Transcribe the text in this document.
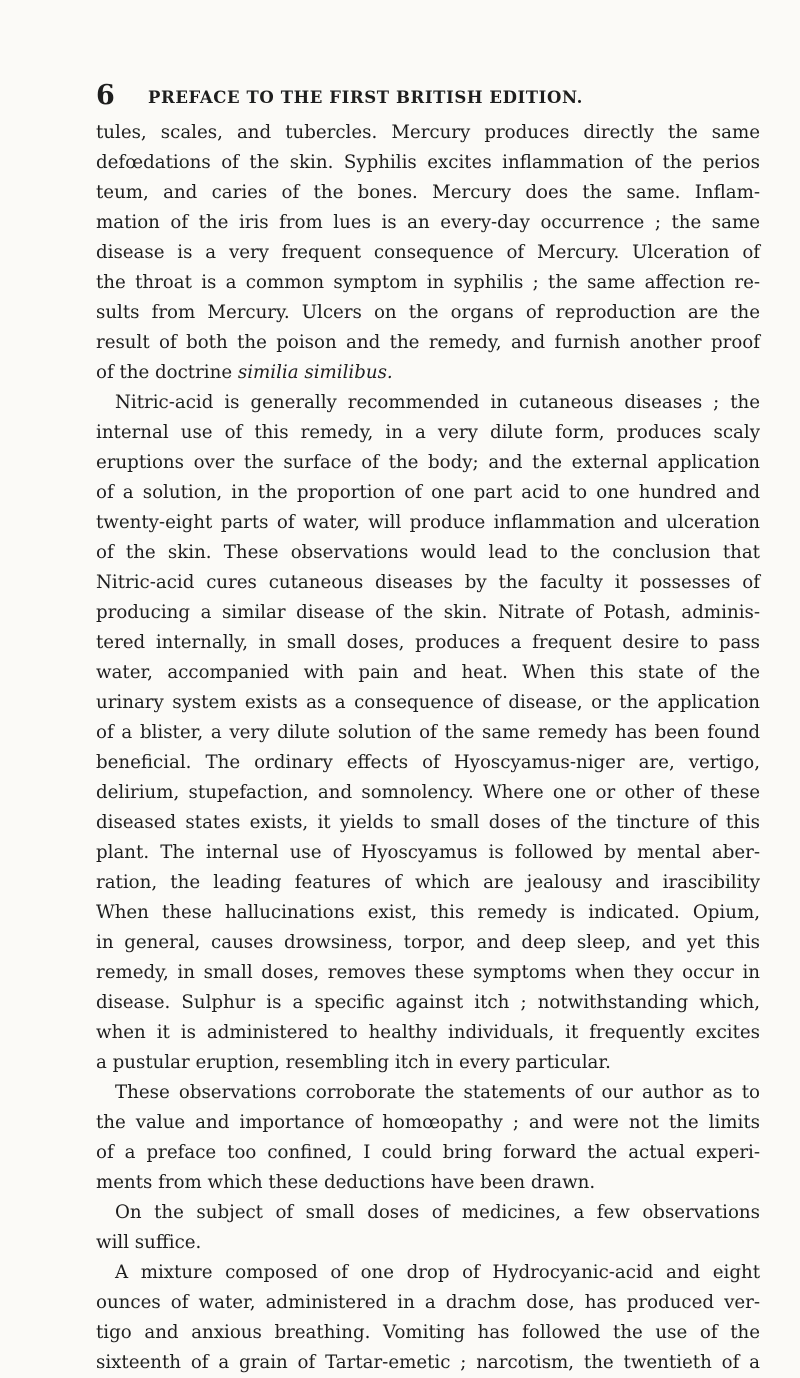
6 PREFACE TO THE FIRST BRITISH EDITION.
tules, scales, and tubercles. Mercury produces directly the same
defœdations of the skin. Syphilis excites inflammation of the perios
teum, and caries of the bones. Mercury does the same. Inflam-
mation of the iris from lues is an every-day occurrence ; the same
disease is a very frequent consequence of Mercury. Ulceration of
the throat is a common symptom in syphilis ; the same affection re-
sults from Mercury. Ulcers on the organs of reproduction are the
result of both the poison and the remedy, and furnish another proof
of the doctrine similia similibus.
Nitric-acid is generally recommended in cutaneous diseases ; the
internal use of this remedy, in a very dilute form, produces scaly
eruptions over the surface of the body; and the external application
of a solution, in the proportion of one part acid to one hundred and
twenty-eight parts of water, will produce inflammation and ulceration
of the skin. These observations would lead to the conclusion that
Nitric-acid cures cutaneous diseases by the faculty it possesses of
producing a similar disease of the skin. Nitrate of Potash, adminis-
tered internally, in small doses, produces a frequent desire to pass
water, accompanied with pain and heat. When this state of the
urinary system exists as a consequence of disease, or the application
of a blister, a very dilute solution of the same remedy has been found
beneficial. The ordinary effects of Hyoscyamus-niger are, vertigo,
delirium, stupefaction, and somnolency. Where one or other of these
diseased states exists, it yields to small doses of the tincture of this
plant. The internal use of Hyoscyamus is followed by mental aber-
ration, the leading features of which are jealousy and irascibility
When these hallucinations exist, this remedy is indicated. Opium,
in general, causes drowsiness, torpor, and deep sleep, and yet this
remedy, in small doses, removes these symptoms when they occur in
disease. Sulphur is a specific against itch ; notwithstanding which,
when it is administered to healthy individuals, it frequently excites
a pustular eruption, resembling itch in every particular.
These observations corroborate the statements of our author as to
the value and importance of homœopathy ; and were not the limits
of a preface too confined, I could bring forward the actual experi-
ments from which these deductions have been drawn.
On the subject of small doses of medicines, a few observations
will suffice.
A mixture composed of one drop of Hydrocyanic-acid and eight
ounces of water, administered in a drachm dose, has produced ver-
tigo and anxious breathing. Vomiting has followed the use of the
sixteenth of a grain of Tartar-emetic ; narcotism, the twentieth of a
